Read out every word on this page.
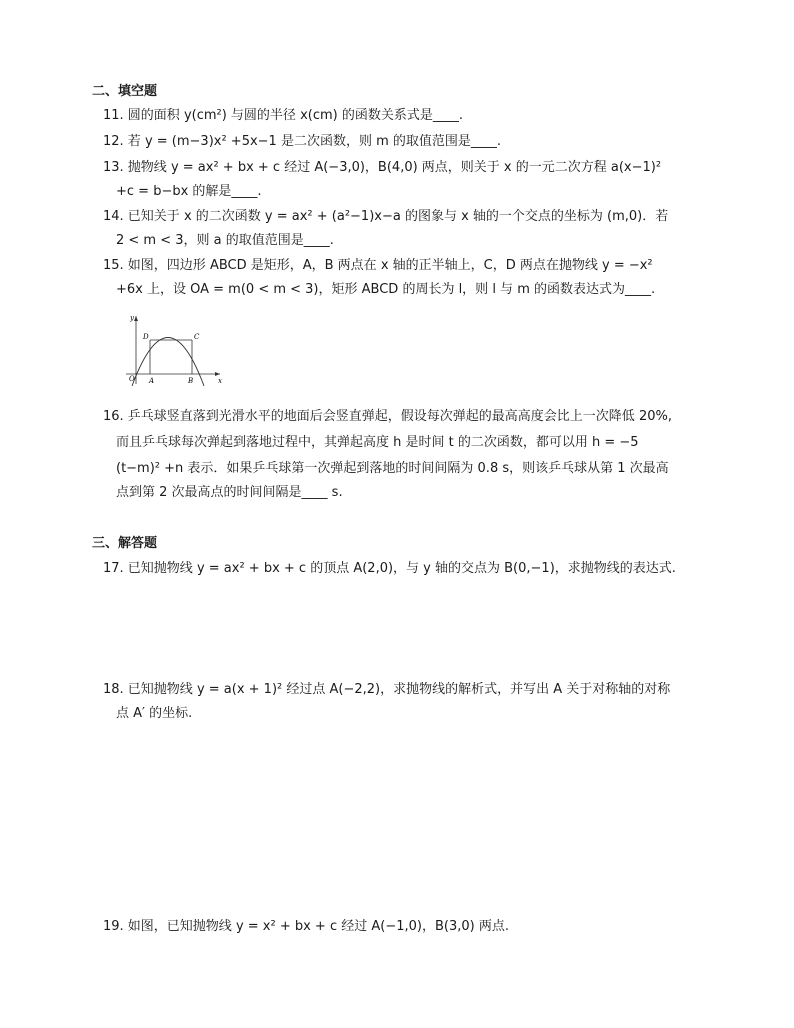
二、填空题
11. 圆的面积 y(cm²) 与圆的半径 x(cm) 的函数关系式是____.
12. 若 y = (m−3)x² +5x−1 是二次函数，则 m 的取值范围是____.
13. 抛物线 y = ax² + bx + c 经过 A(−3,0)，B(4,0) 两点，则关于 x 的一元二次方程 a(x−1)²
+c = b−bx 的解是____.
14. 已知关于 x 的二次函数 y = ax² + (a²−1)x−a 的图象与 x 轴的一个交点的坐标为 (m,0)．若
2 < m < 3，则 a 的取值范围是____.
15. 如图，四边形 ABCD 是矩形，A，B 两点在 x 轴的正半轴上，C，D 两点在抛物线 y = −x²
+6x 上，设 OA = m(0 < m < 3)，矩形 ABCD 的周长为 l，则 l 与 m 的函数表达式为____.
y
x
O A	B
C
D
16. 乒乓球竖直落到光滑水平的地面后会竖直弹起，假设每次弹起的最高高度会比上一次降低 20%,
而且乒乓球每次弹起到落地过程中，其弹起高度 h 是时间 t 的二次函数，都可以用 h = −5
(t−m)² +n 表示．如果乒乓球第一次弹起到落地的时间间隔为 0.8 s，则该乒乓球从第 1 次最高
点到第 2 次最高点的时间间隔是____ s.
三、解答题
17. 已知抛物线 y = ax² + bx + c 的顶点 A(2,0)，与 y 轴的交点为 B(0,−1)，求抛物线的表达式.
18. 已知抛物线 y = a(x + 1)² 经过点 A(−2,2)，求抛物线的解析式，并写出 A 关于对称轴的对称
点 A′ 的坐标.
19. 如图，已知抛物线 y = x² + bx + c 经过 A(−1,0)，B(3,0) 两点.
